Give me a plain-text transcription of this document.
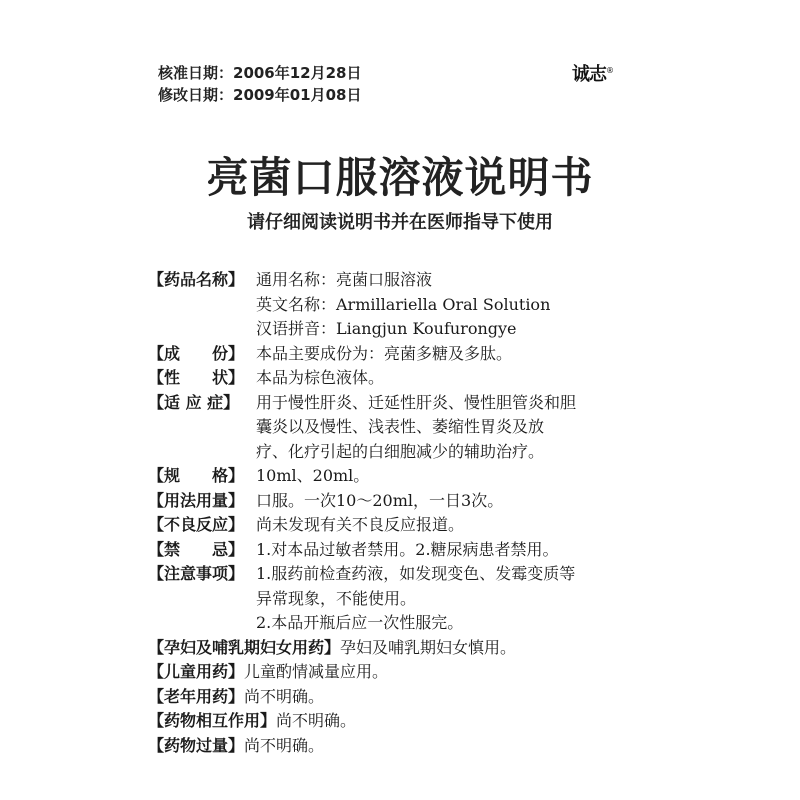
核准日期：2006年12月28日
修改日期：2009年01月08日
诚志®
亮菌口服溶液说明书
请仔细阅读说明书并在医师指导下使用
【药品名称】 通用名称：亮菌口服溶液
英文名称：Armillariella Oral Solution
汉语拼音：Liangjun Koufurongye
【成　　份】 本品主要成份为：亮菌多糖及多肽。
【性　　状】 本品为棕色液体。
【适 应 症】	用于慢性肝炎、迁延性肝炎、慢性胆管炎和胆
囊炎以及慢性、浅表性、萎缩性胃炎及放
疗、化疗引起的白细胞减少的辅助治疗。
【规　　格】 10ml、20ml。
【用法用量】 口服。一次10～20ml，一日3次。
【不良反应】 尚未发现有关不良反应报道。
【禁　　忌】 1.对本品过敏者禁用。2.糖尿病患者禁用。
【注意事项】 1.服药前检查药液，如发现变色、发霉变质等
异常现象，不能使用。
2.本品开瓶后应一次性服完。
【孕妇及哺乳期妇女用药】孕妇及哺乳期妇女慎用。
【儿童用药】儿童酌情减量应用。
【老年用药】尚不明确。
【药物相互作用】尚不明确。
【药物过量】尚不明确。
